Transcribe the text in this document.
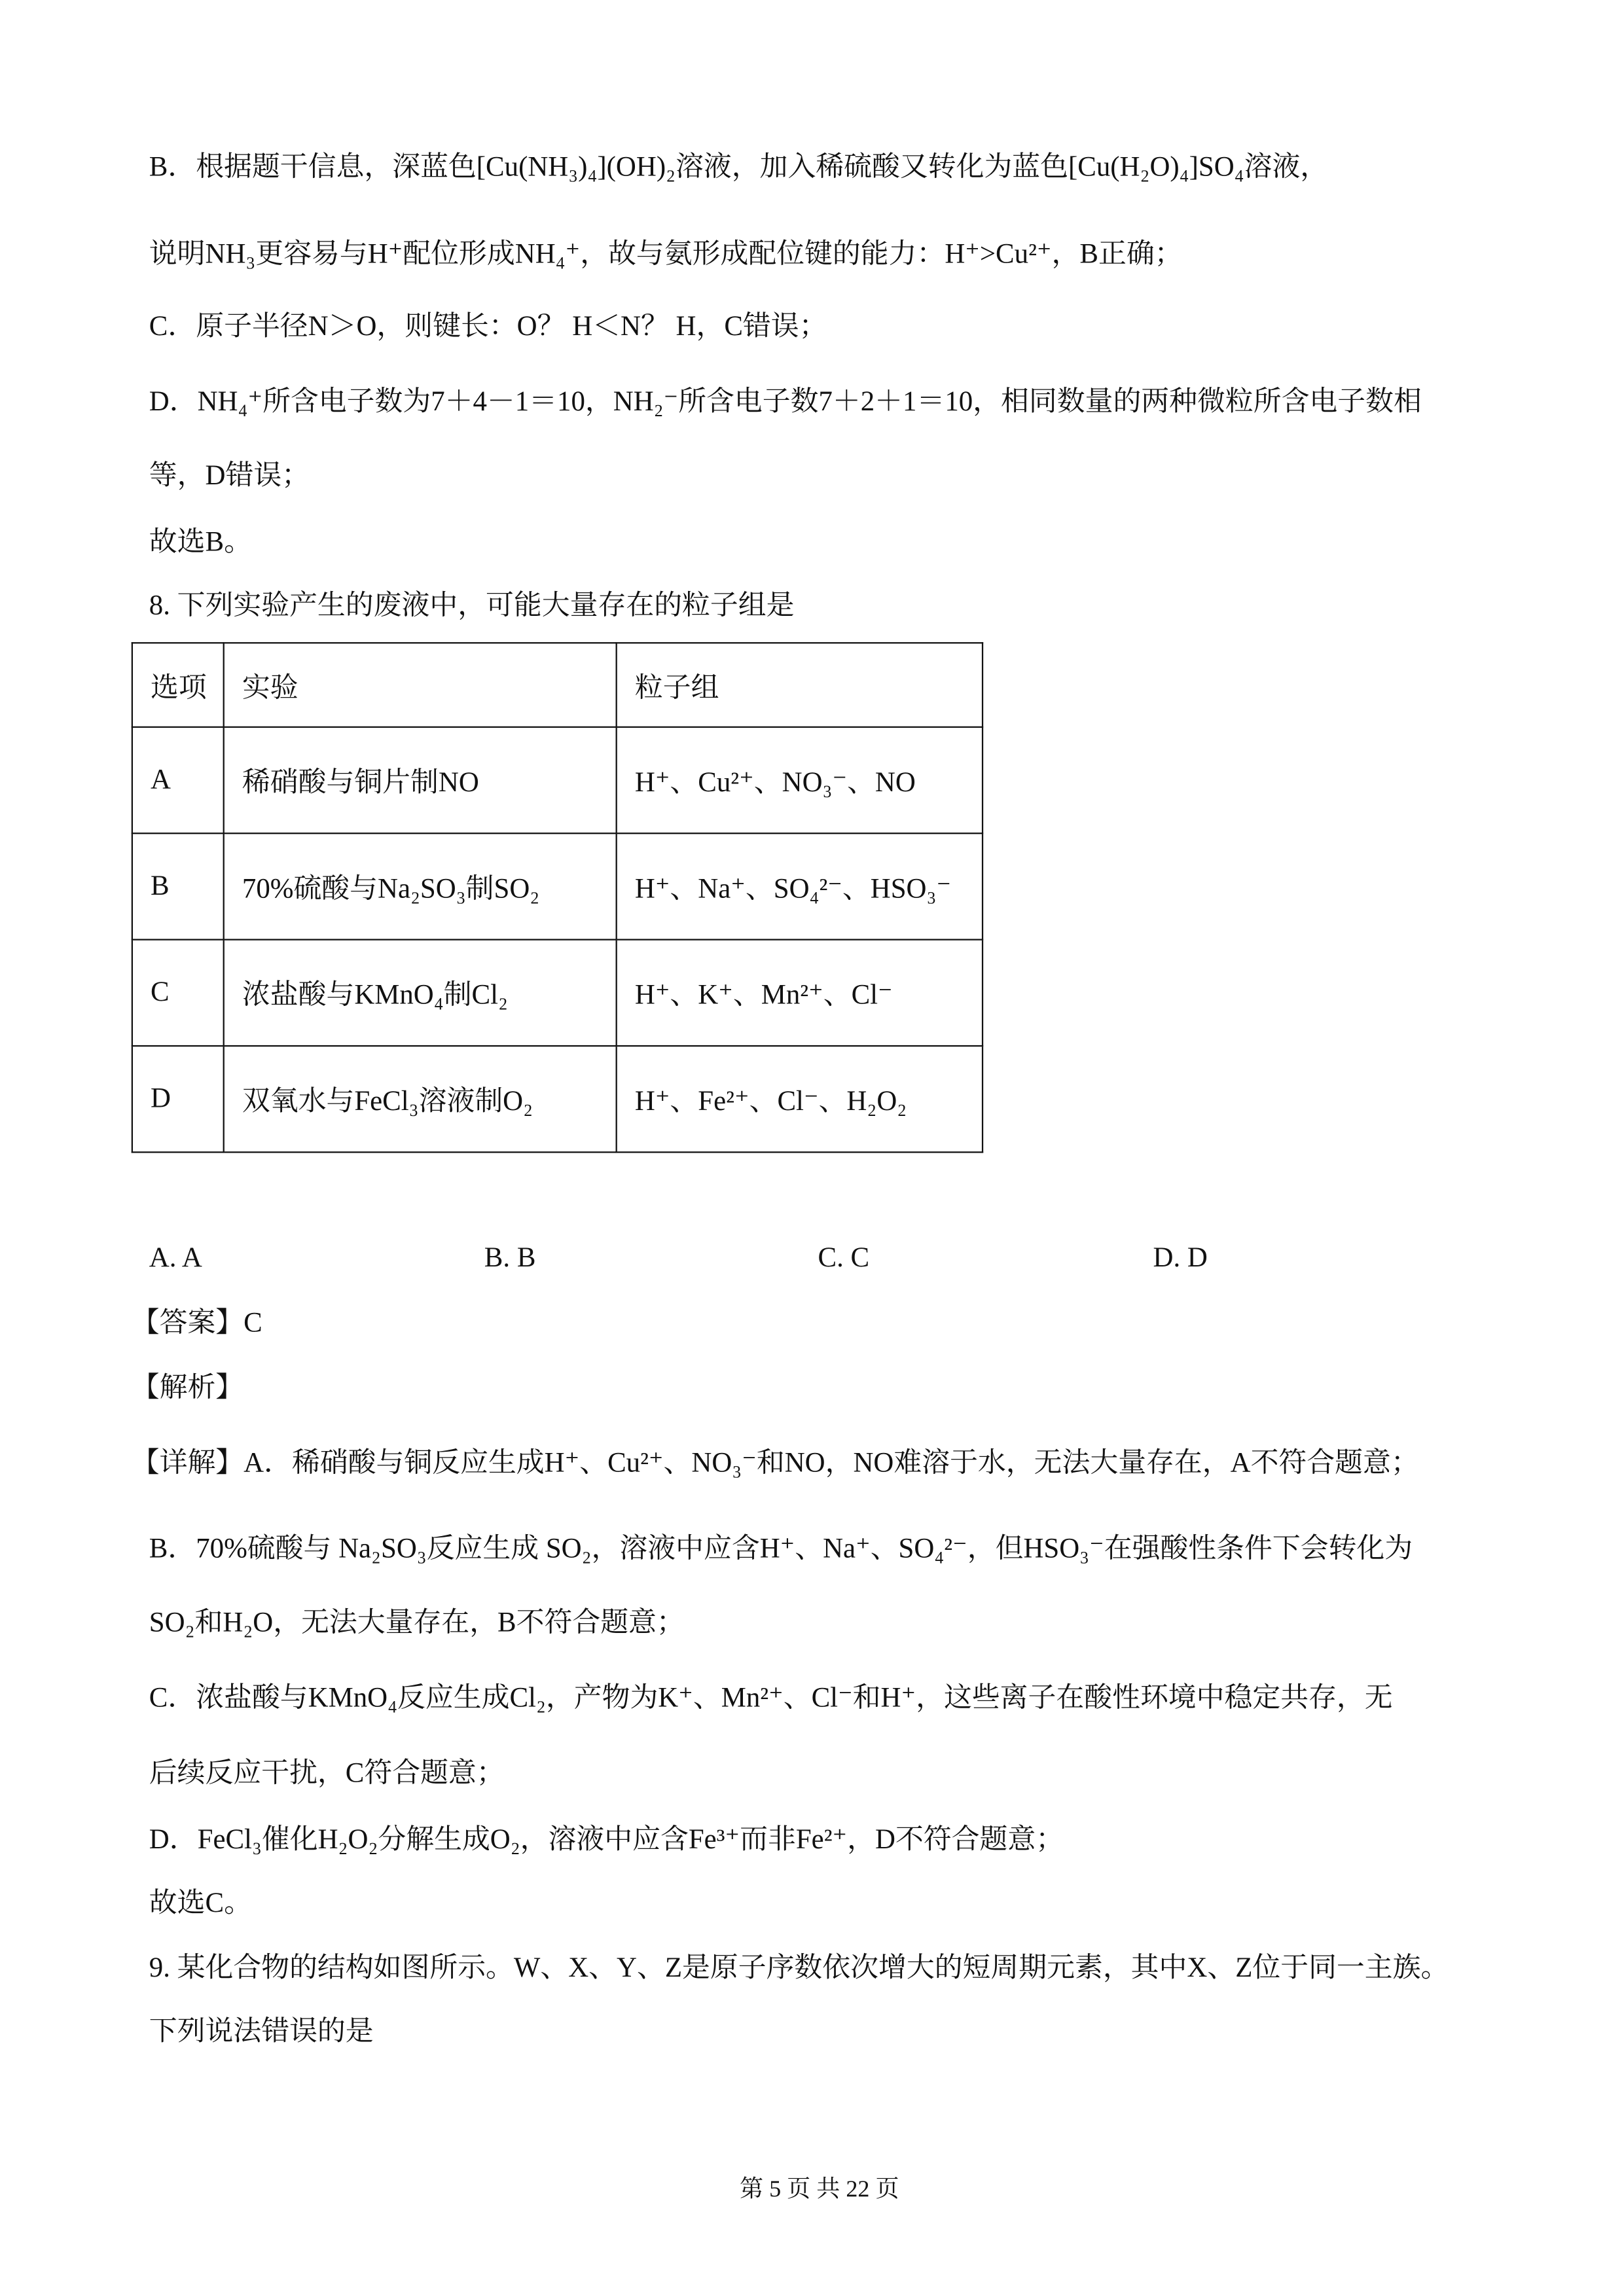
B．根据题干信息，深蓝色[Cu(NH₃)₄](OH)₂溶液，加入稀硫酸又转化为蓝色[Cu(H₂O)₄]SO₄溶液，
说明NH₃更容易与H⁺配位形成NH₄⁺，故与氨形成配位键的能力：H⁺>Cu²⁺，B正确；
C．原子半径N＞O，则键长：O？ H＜N？ H，C错误；
D．NH₄⁺所含电子数为7＋4－1＝10，NH₂⁻所含电子数7＋2＋1＝10，相同数量的两种微粒所含电子数相
等，D错误；
故选B。
8. 下列实验产生的废液中，可能大量存在的粒子组是
选项	实验	粒子组
A	稀硝酸与铜片制NO	H⁺、Cu²⁺、NO₃⁻、NO
B	70%硫酸与Na₂SO₃制SO₂	H⁺、Na⁺、SO₄²⁻、HSO₃⁻
C	浓盐酸与KMnO₄制Cl₂	H⁺、K⁺、Mn²⁺、Cl⁻
D	双氧水与FeCl₃溶液制O₂	H⁺、Fe²⁺、Cl⁻、H₂O₂
A. A	B. B	C. C	D. D
【答案】C
【解析】
【详解】A．稀硝酸与铜反应生成H⁺、Cu²⁺、NO₃⁻和NO，NO难溶于水，无法大量存在，A不符合题意；
B．70%硫酸与 Na₂SO₃反应生成 SO₂，溶液中应含H⁺、Na⁺、SO₄²⁻，但HSO₃⁻在强酸性条件下会转化为
SO₂和H₂O，无法大量存在，B不符合题意；
C．浓盐酸与KMnO₄反应生成Cl₂，产物为K⁺、Mn²⁺、Cl⁻和H⁺，这些离子在酸性环境中稳定共存，无
后续反应干扰，C符合题意；
D．FeCl₃催化H₂O₂分解生成O₂，溶液中应含Fe³⁺而非Fe²⁺，D不符合题意；
故选C。
9. 某化合物的结构如图所示。W、X、Y、Z是原子序数依次增大的短周期元素，其中X、Z位于同一主族。
下列说法错误的是
第 5 页 共 22 页
